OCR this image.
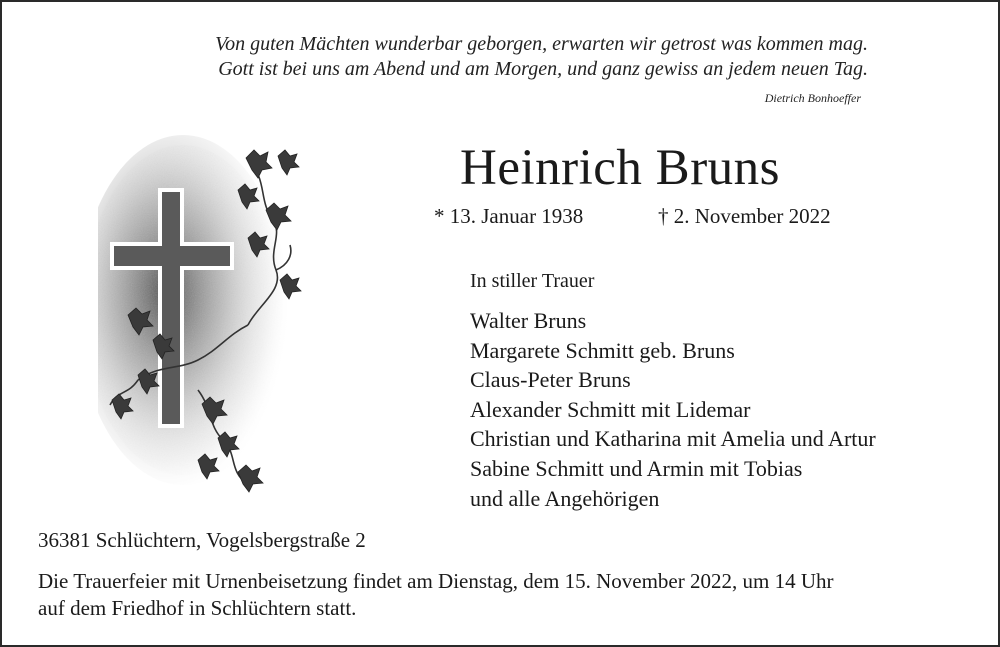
Von guten Mächten wunderbar geborgen, erwarten wir getrost was kommen mag.
Gott ist bei uns am Abend und am Morgen, und ganz gewiss an jedem neuen Tag.
Dietrich Bonhoeffer
Heinrich Bruns
* 13. Januar 1938	† 2. November 2022
In stiller Trauer
Walter Bruns
Margarete Schmitt geb. Bruns
Claus-Peter Bruns
Alexander Schmitt mit Lidemar
Christian und Katharina mit Amelia und Artur
Sabine Schmitt und Armin mit Tobias
und alle Angehörigen
36381 Schlüchtern, Vogelsbergstraße 2
Die Trauerfeier mit Urnenbeisetzung findet am Dienstag, dem 15. November 2022, um 14 Uhr
auf dem Friedhof in Schlüchtern statt.
